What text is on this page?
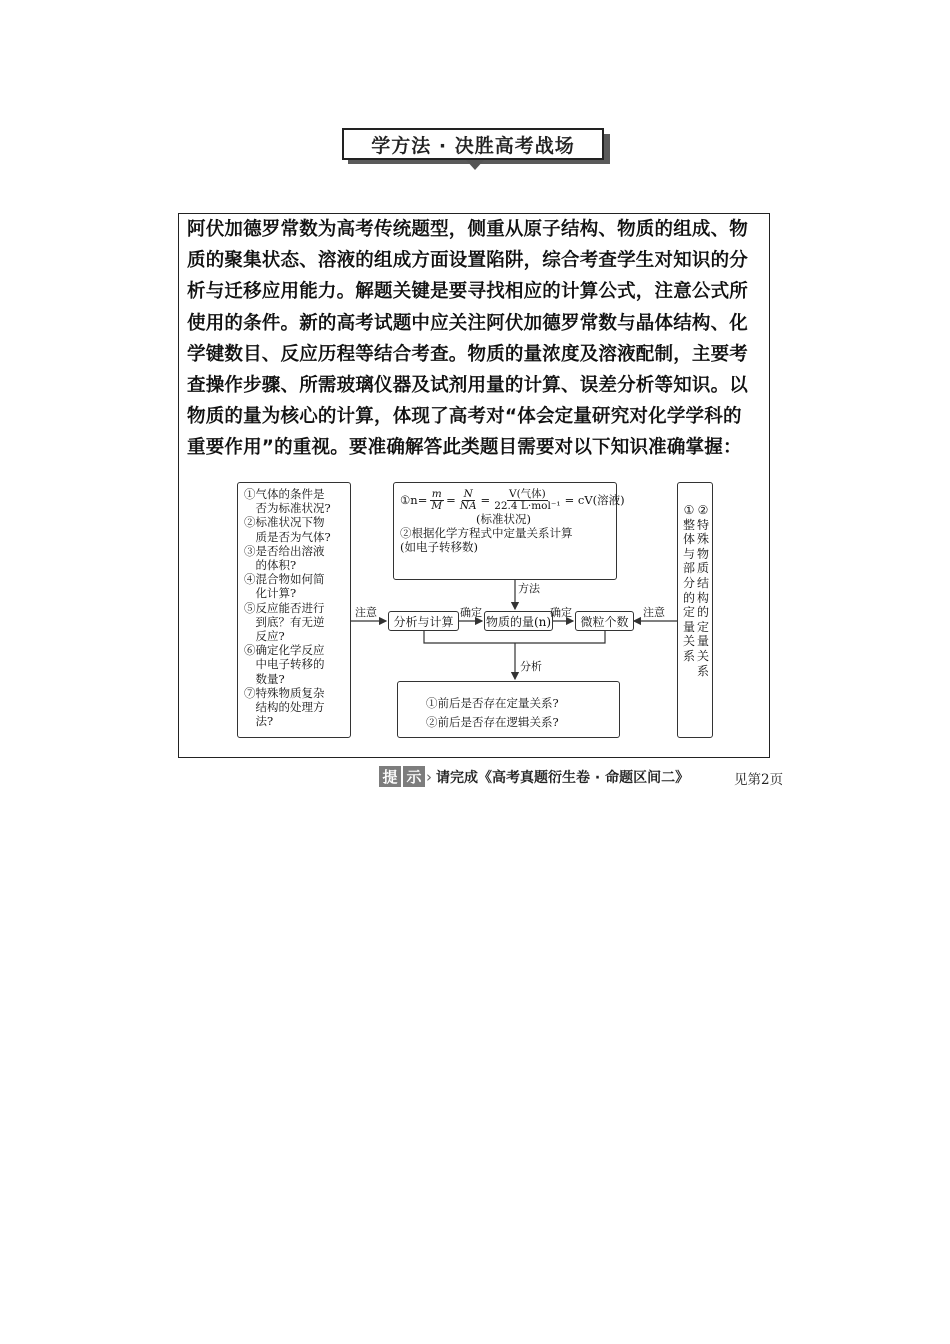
学方法 · 决胜高考战场
阿伏加德罗常数为高考传统题型，侧重从原子结构、物质的组成、物
质的聚集状态、溶液的组成方面设置陷阱，综合考查学生对知识的分
析与迁移应用能力。解题关键是要寻找相应的计算公式，注意公式所
使用的条件。新的高考试题中应关注阿伏加德罗常数与晶体结构、化
学键数目、反应历程等结合考查。物质的量浓度及溶液配制，主要考
查操作步骤、所需玻璃仪器及试剂用量的计算、误差分析等知识。以
物质的量为核心的计算，体现了高考对“体会定量研究对化学学科的
重要作用”的重视。要准确解答此类题目需要对以下知识准确掌握：
①气体的条件是
　否为标准状况?
②标准状况下物
　质是否为气体?
③是否给出溶液
　的体积?
④混合物如何简
　化计算?
⑤反应能否进行
　到底？有无逆
　反应?
⑥确定化学反应
　中电子转移的
　数量?
⑦特殊物质复杂
　结构的处理方
　法?
①n= $\frac{m}{M} = \frac{N}{NA} = \frac{\text{V(气体)}}{\text{22.4 L·mol⁻¹}} = cV$(溶液)
(标准状况)
②根据化学方程式中定量关系计算
(如电子转移数)
①
整
体
与
部
分
的
定
量
关
系
②
特
殊
物
质
结
构
的
定
量
关
系
分析与计算	物质的量(n)	微粒个数
方法
注意	确定	确定	注意
分析
①前后是否存在定量关系?
②前后是否存在逻辑关系?
提 示 › 请完成《高考真题衍生卷 · 命题区间二》	见第2页
